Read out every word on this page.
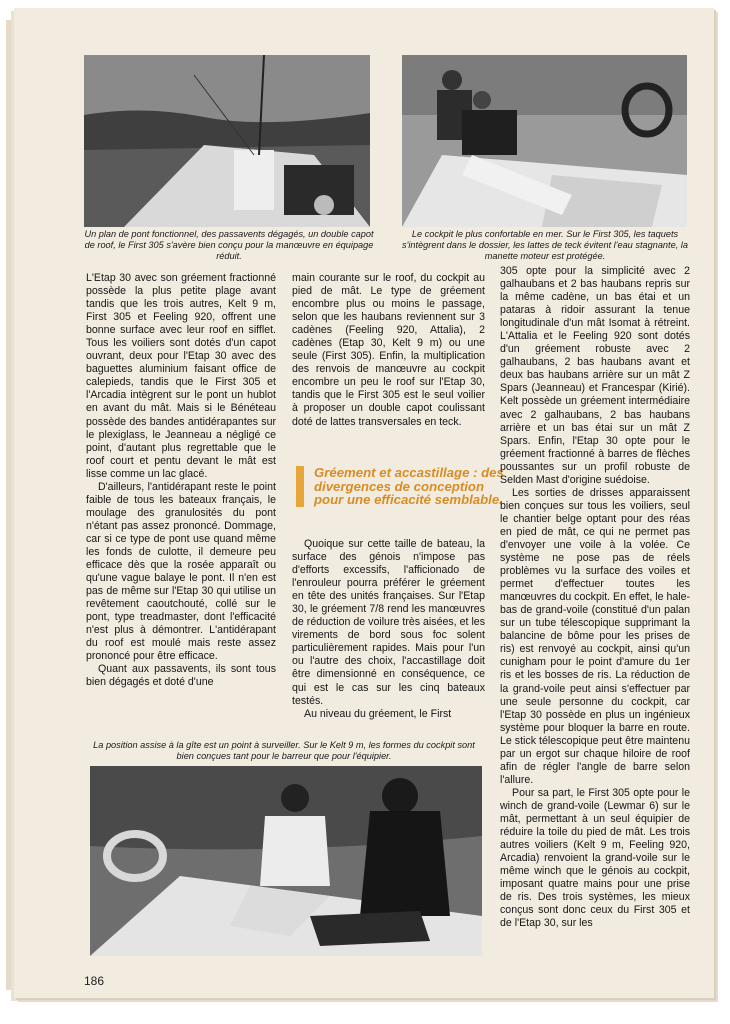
Un plan de pont fonctionnel, des passavents dégagés, un double capot de roof, le First 305 s'avère bien conçu pour la manœuvre en équipage réduit.
Le cockpit le plus confortable en mer. Sur le First 305, les taquets s'intègrent dans le dossier, les lattes de teck évitent l'eau stagnante, la manette moteur est protégée.

L'Etap 30 avec son gréement fractionné possède la plus petite plage avant tandis que les trois autres, Kelt 9 m, First 305 et Feeling 920, offrent une bonne surface avec leur roof en sifflet. Tous les voiliers sont dotés d'un capot ouvrant, deux pour l'Etap 30 avec des baguettes aluminium faisant office de calepieds, tandis que le First 305 et l'Arcadia intègrent sur le pont un hublot en avant du mât. Mais si le Bénéteau possède des bandes antidérapantes sur le plexiglass, le Jeanneau a négligé ce point, d'autant plus regrettable que le roof court et pentu devant le mât est lisse comme un lac glacé.

D'ailleurs, l'antidérapant reste le point faible de tous les bateaux français, le moulage des granulosités du pont n'étant pas assez prononcé. Dommage, car si ce type de pont use quand même les fonds de culotte, il demeure peu efficace dès que la rosée apparaît ou qu'une vague balaye le pont. Il n'en est pas de même sur l'Etap 30 qui utilise un revêtement caoutchouté, collé sur le pont, type treadmaster, dont l'efficacité n'est plus à démontrer. L'antidérapant du roof est moulé mais reste assez prononcé pour être efficace.

Quant aux passavents, ils sont tous bien dégagés et doté d'une

main courante sur le roof, du cockpit au pied de mât. Le type de gréement encombre plus ou moins le passage, selon que les haubans reviennent sur 3 cadènes (Feeling 920, Attalia), 2 cadènes (Etap 30, Kelt 9 m) ou une seule (First 305). Enfin, la multiplication des renvois de manœuvre au cockpit encombre un peu le roof sur l'Etap 30, tandis que le First 305 est le seul voilier à proposer un double capot coulissant doté de lattes transversales en teck.

Gréement et accastillage : des divergences de conception pour une efficacité semblable.

Quoique sur cette taille de bateau, la surface des génois n'impose pas d'efforts excessifs, l'afficionado de l'enrouleur pourra préférer le gréement en tête des unités françaises. Sur l'Etap 30, le gréement 7/8 rend les manœuvres de réduction de voilure très aisées, et les virements de bord sous foc solent particulièrement rapides. Mais pour l'un ou l'autre des choix, l'accastillage doit être dimensionné en conséquence, ce qui est le cas sur les cinq bateaux testés.

Au niveau du gréement, le First

305 opte pour la simplicité avec 2 galhaubans et 2 bas haubans repris sur la même cadène, un bas étai et un pataras à ridoir assurant la tenue longitudinale d'un mât Isomat à rétreint. L'Attalia et le Feeling 920 sont dotés d'un gréement robuste avec 2 galhaubans, 2 bas haubans avant et deux bas haubans arrière sur un mât Z Spars (Jeanneau) et Francespar (Kirié). Kelt possède un gréement intermédiaire avec 2 galhaubans, 2 bas haubans arrière et un bas étai sur un mât Z Spars. Enfin, l'Etap 30 opte pour le gréement fractionné à barres de flèches poussantes sur un profil robuste de Selden Mast d'origine suédoise.

Les sorties de drisses apparaissent bien conçues sur tous les voiliers, seul le chantier belge optant pour des réas en pied de mât, ce qui ne permet pas d'envoyer une voile à la volée. Ce système ne pose pas de réels problèmes vu la surface des voiles et permet d'effectuer toutes les manœuvres du cockpit. En effet, le hale-bas de grand-voile (constitué d'un palan sur un tube télescopique supprimant la balancine de bôme pour les prises de ris) est renvoyé au cockpit, ainsi qu'un cunigham pour le point d'amure du 1er ris et les bosses de ris. La réduction de la grand-voile peut ainsi s'effectuer par une seule personne du cockpit, car l'Etap 30 possède en plus un ingénieux système pour bloquer la barre en route. Le stick télescopique peut être maintenu par un ergot sur chaque hiloire de roof afin de régler l'angle de barre selon l'allure.

Pour sa part, le First 305 opte pour le winch de grand-voile (Lewmar 6) sur le mât, permettant à un seul équipier de réduire la toile du pied de mât. Les trois autres voiliers (Kelt 9 m, Feeling 920, Arcadia) renvoient la grand-voile sur le même winch que le génois au cockpit, imposant quatre mains pour une prise de ris. Des trois systèmes, les mieux conçus sont donc ceux du First 305 et de l'Etap 30, sur les

La position assise à la gîte est un point à surveiller. Sur le Kelt 9 m, les formes du cockpit sont bien conçues tant pour le barreur que pour l'équipier.
186
